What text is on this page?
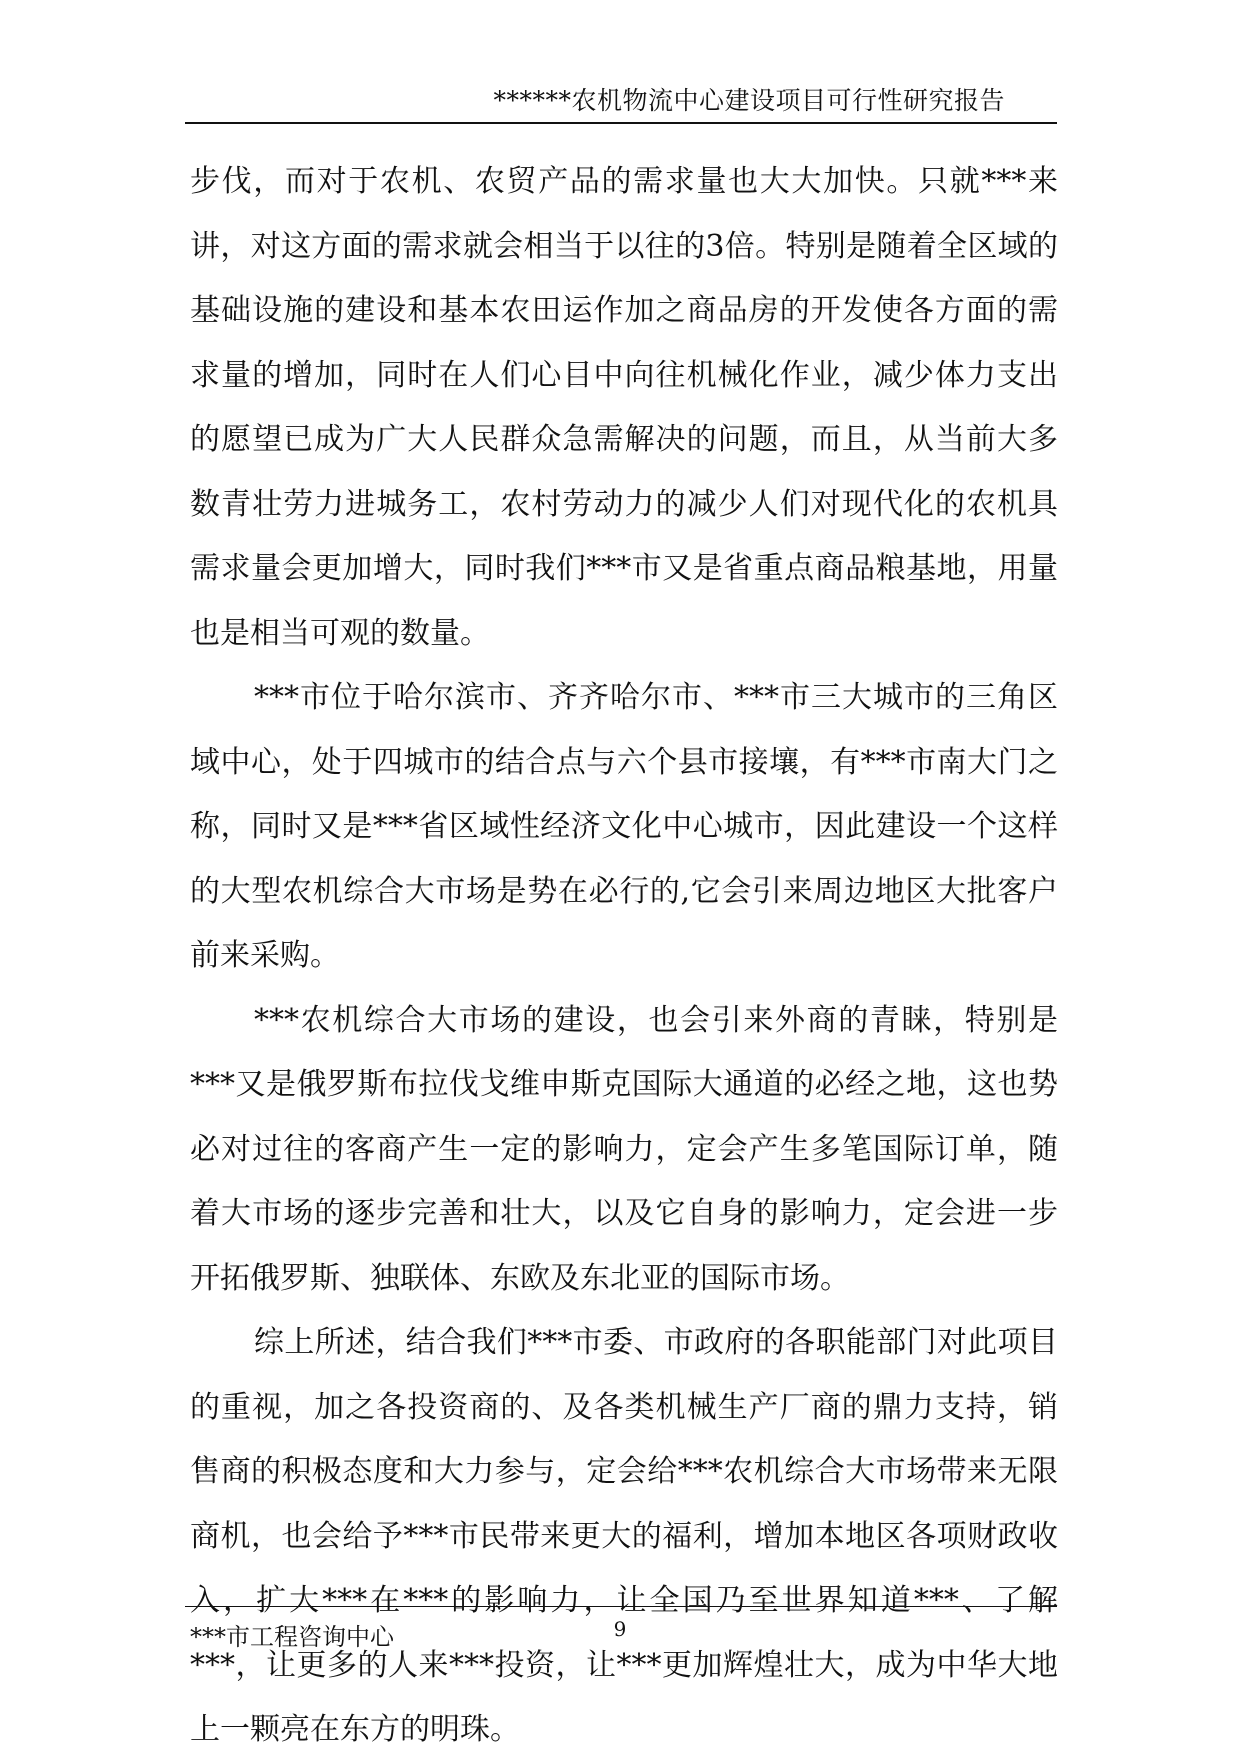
******农机物流中心建设项目可行性研究报告

步伐，而对于农机、农贸产品的需求量也大大加快。只就***来讲，对这方面的需求就会相当于以往的3倍。特别是随着全区域的基础设施的建设和基本农田运作加之商品房的开发使各方面的需求量的增加，同时在人们心目中向往机械化作业，减少体力支出的愿望已成为广大人民群众急需解决的问题，而且，从当前大多数青壮劳力进城务工，农村劳动力的减少人们对现代化的农机具需求量会更加增大，同时我们***市又是省重点商品粮基地，用量也是相当可观的数量。

***市位于哈尔滨市、齐齐哈尔市、***市三大城市的三角区域中心，处于四城市的结合点与六个县市接壤，有***市南大门之称，同时又是***省区域性经济文化中心城市，因此建设一个这样的大型农机综合大市场是势在必行的,它会引来周边地区大批客户前来采购。

***农机综合大市场的建设，也会引来外商的青睐，特别是***又是俄罗斯布拉伐戈维申斯克国际大通道的必经之地，这也势必对过往的客商产生一定的影响力，定会产生多笔国际订单，随着大市场的逐步完善和壮大，以及它自身的影响力，定会进一步开拓俄罗斯、独联体、东欧及东北亚的国际市场。

综上所述，结合我们***市委、市政府的各职能部门对此项目的重视，加之各投资商的、及各类机械生产厂商的鼎力支持，销售商的积极态度和大力参与，定会给***农机综合大市场带来无限商机，也会给予***市民带来更大的福利，增加本地区各项财政收入，扩大***在***的影响力，让全国乃至世界知道***、了解***，让更多的人来***投资，让***更加辉煌壮大，成为中华大地上一颗亮在东方的明珠。

***市工程咨询中心	9
